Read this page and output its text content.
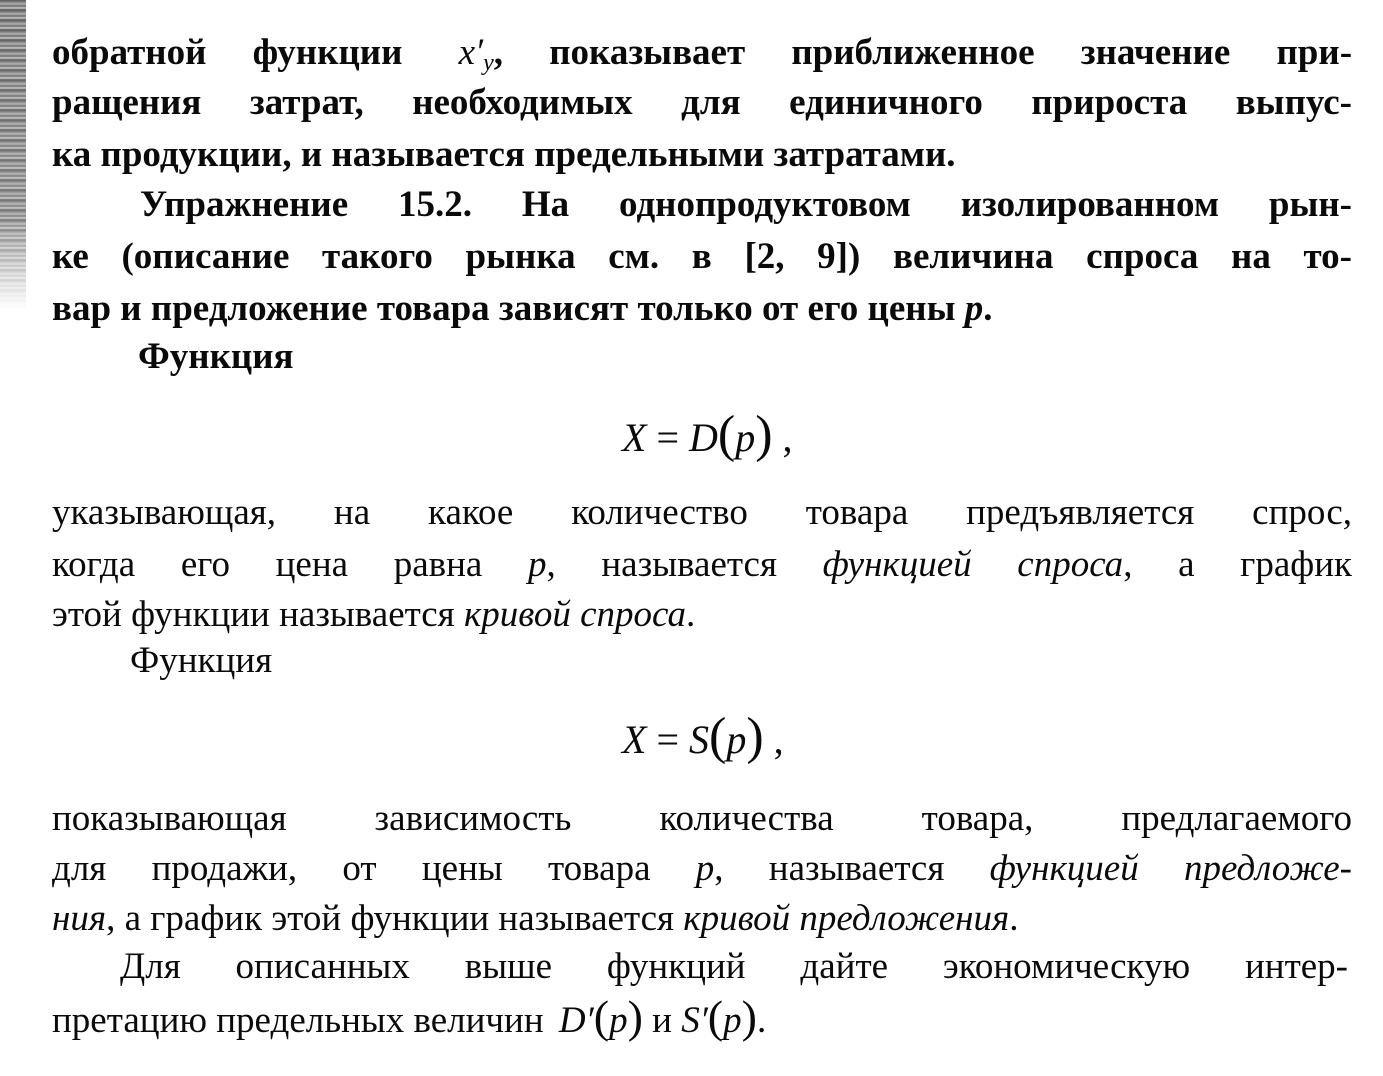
обратной функции $x'_y$, показывает приближенное значение при-
ращения затрат, необходимых для единичного прироста выпус-
ка продукции, и называется предельными затратами.
Упражнение 15.2. На однопродуктовом изолированном рын-
ке (описание такого рынка см. в [2, 9]) величина спроса на то-
вар и предложение товара зависят только от его цены p.
Функция
X = D(p) ,
указывающая, на какое количество товара предъявляется спрос,
когда его цена равна p, называется функцией спроса, а график
этой функции называется кривой спроса.
Функция
X = S(p) ,
показывающая зависимость количества товара, предлагаемого
для продажи, от цены товара p, называется функцией предложе-
ния, а график этой функции называется кривой предложения.
Для описанных выше функций дайте экономическую интер-
претацию предельных величин D′(p) и S′(p).
